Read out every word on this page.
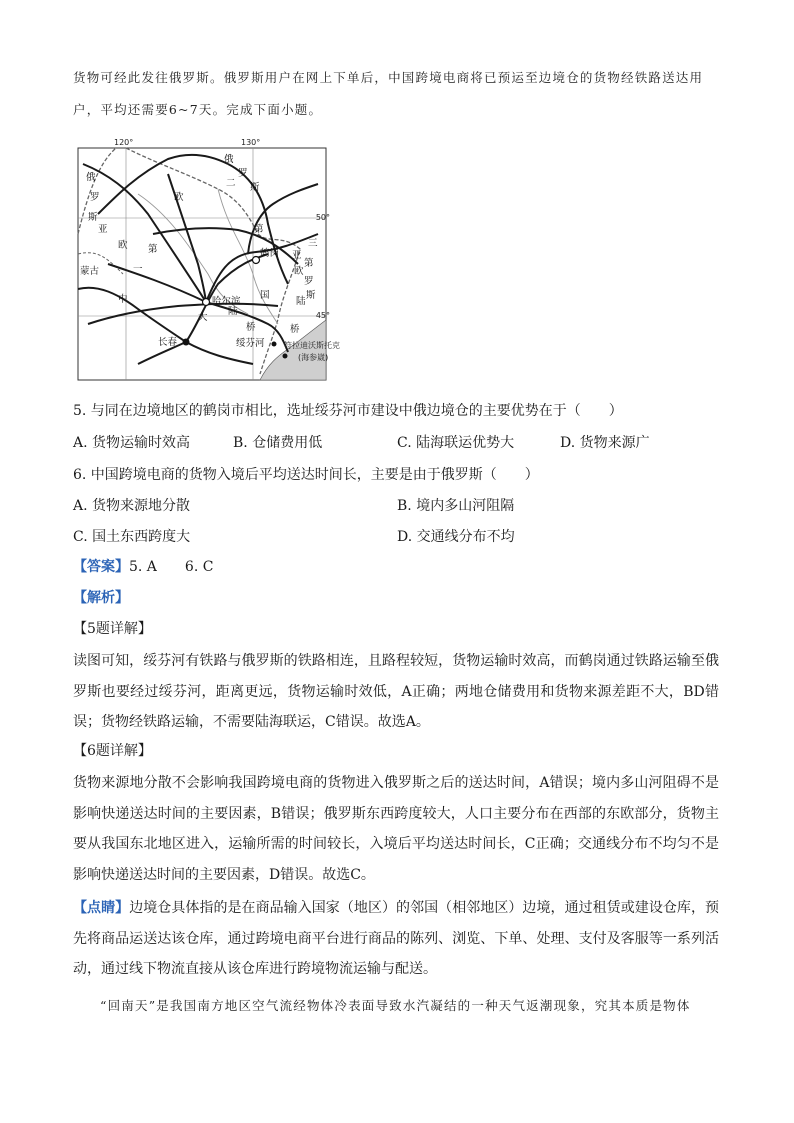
货物可经此发往俄罗斯。俄罗斯用户在网上下单后，中国跨境电商将已预运至边境仓的货物经铁路送达用
户，平均还需要6~7天。完成下面小题。
120°	130°
50°
45°
俄
罗
斯
俄
罗
斯
蒙古
亚
欧 第
一
大
陆
桥
中	国
欧
二
第
亚
欧
陆
桥
第
三
罗
斯
鹤岗
哈尔滨
长春	绥芬河 符拉迪沃斯托克
(海参崴)
5. 与同在边境地区的鹤岗市相比，选址绥芬河市建设中俄边境仓的主要优势在于（　　）
A. 货物运输时效高	B. 仓储费用低	C. 陆海联运优势大	D. 货物来源广
6. 中国跨境电商的货物入境后平均送达时间长，主要是由于俄罗斯（　　）
A. 货物来源地分散	B. 境内多山河阻隔
C. 国土东西跨度大	D. 交通线分布不均
【答案】5. A　　6. C
【解析】
【5题详解】
读图可知，绥芬河有铁路与俄罗斯的铁路相连，且路程较短，货物运输时效高，而鹤岗通过铁路运输至俄罗斯也要经过绥芬河，距离更远，货物运输时效低，A正确；两地仓储费用和货物来源差距不大，BD错误；货物经铁路运输，不需要陆海联运，C错误。故选A。
【6题详解】
货物来源地分散不会影响我国跨境电商的货物进入俄罗斯之后的送达时间，A错误；境内多山河阻碍不是影响快递送达时间的主要因素，B错误；俄罗斯东西跨度较大，人口主要分布在西部的东欧部分，货物主要从我国东北地区进入，运输所需的时间较长，入境后平均送达时间长，C正确；交通线分布不均匀不是影响快递送达时间的主要因素，D错误。故选C。
【点睛】边境仓具体指的是在商品输入国家（地区）的邻国（相邻地区）边境，通过租赁或建设仓库，预先将商品运送达该仓库，通过跨境电商平台进行商品的陈列、浏览、下单、处理、支付及客服等一系列活动，通过线下物流直接从该仓库进行跨境物流运输与配送。
“回南天”是我国南方地区空气流经物体冷表面导致水汽凝结的一种天气返潮现象，究其本质是物体
